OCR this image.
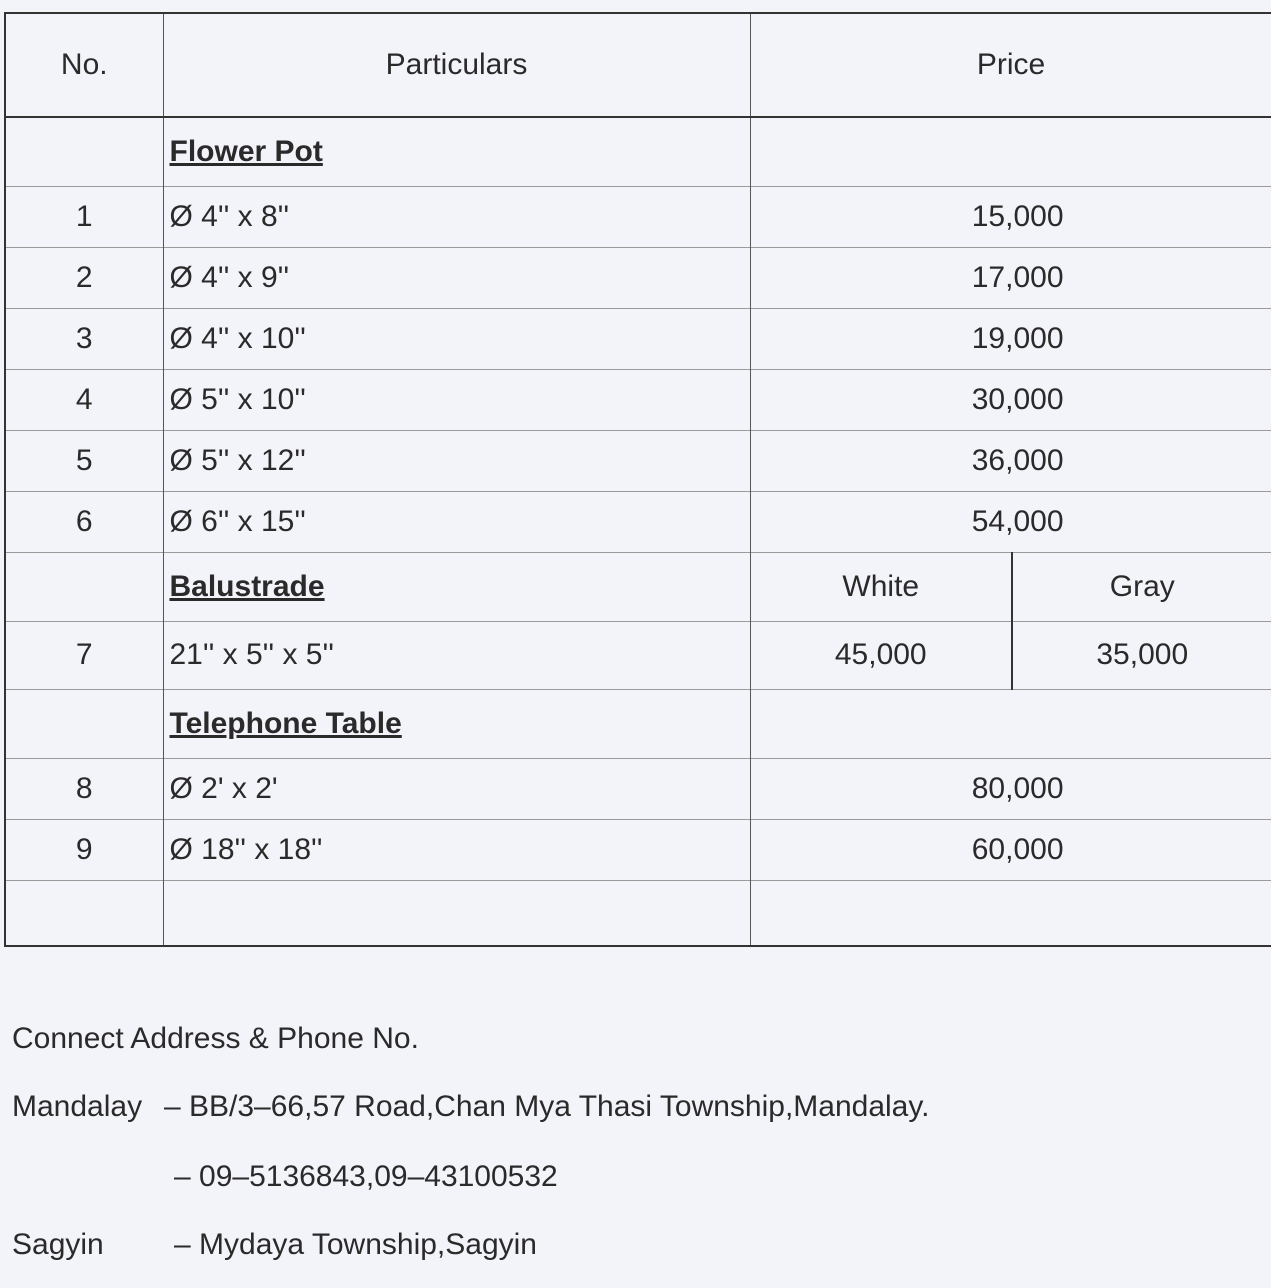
No.	Particulars	Price	
	Flower Pot		
1	Ø 4'' x 8''	15,000	
2	Ø 4'' x 9''	17,000	
3	Ø 4'' x 10''	19,000	
4	Ø 5'' x 10''	30,000	
5	Ø 5'' x 12''	36,000	
6	Ø 6'' x 15''	54,000	
	Balustrade	White	Gray
7	21'' x 5'' x 5''	45,000	35,000
	Telephone Table		
8	Ø 2' x 2'	80,000	
9	Ø 18'' x 18''	60,000	

Connect Address & Phone No.
Mandalay – BB/3–66,57 Road,Chan Mya Thasi Township,Mandalay.
– 09–5136843,09–43100532
Sagyin – Mydaya Township,Sagyin
